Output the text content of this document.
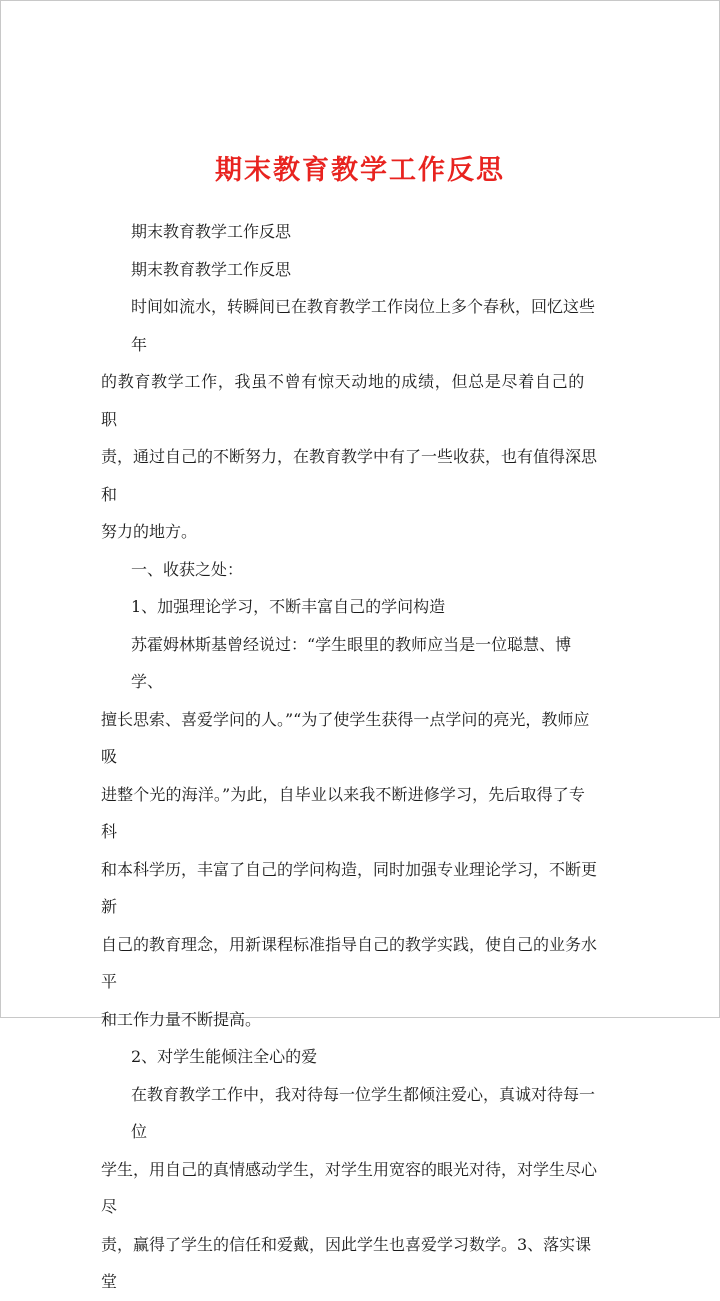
期末教育教学工作反思

期末教育教学工作反思

期末教育教学工作反思

时间如流水，转瞬间已在教育教学工作岗位上多个春秋，回忆这些年

的教育教学工作，我虽不曾有惊天动地的成绩，但总是尽着自己的职

责，通过自己的不断努力，在教育教学中有了一些收获，也有值得深思和

努力的地方。

一、收获之处：

1、加强理论学习，不断丰富自己的学问构造

苏霍姆林斯基曾经说过：“学生眼里的教师应当是一位聪慧、博学、

擅长思索、喜爱学问的人。”“为了使学生获得一点学问的亮光，教师应吸

进整个光的海洋。”为此，自毕业以来我不断进修学习，先后取得了专科

和本科学历，丰富了自己的学问构造，同时加强专业理论学习，不断更新

自己的教育理念，用新课程标准指导自己的教学实践，使自己的业务水平

和工作力量不断提高。

2、对学生能倾注全心的爱

在教育教学工作中，我对待每一位学生都倾注爱心，真诚对待每一位

学生，用自己的真情感动学生，对学生用宽容的眼光对待，对学生尽心尽

责，赢得了学生的信任和爱戴，因此学生也喜爱学习数学。3、落实课堂
